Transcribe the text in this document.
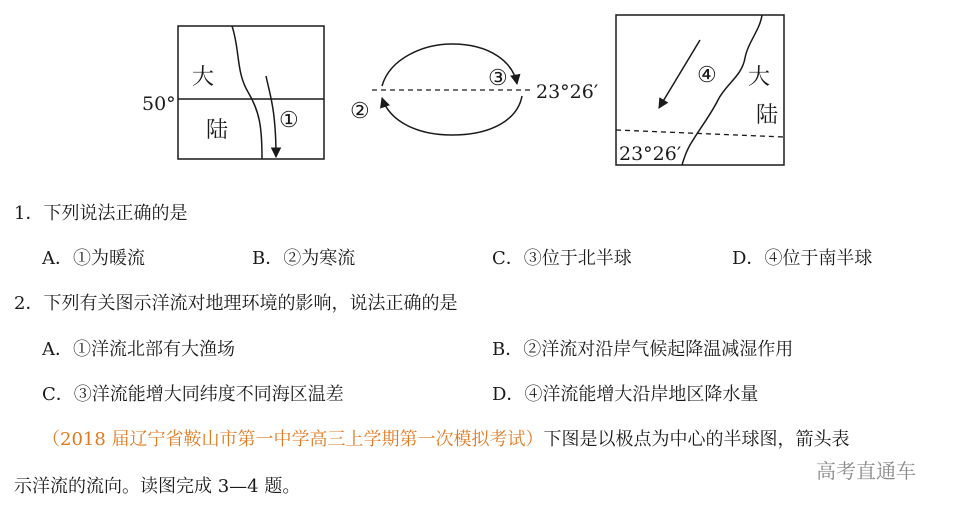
大
陆
50°
① ②
③
23°26′
④ 大
陆
23°26′
1．下列说法正确的是
A．①为暖流	B．②为寒流	C．③位于北半球	D．④位于南半球
2．下列有关图示洋流对地理环境的影响，说法正确的是
A．①洋流北部有大渔场	B．②洋流对沿岸气候起降温减湿作用
C．③洋流能增大同纬度不同海区温差	D．④洋流能增大沿岸地区降水量
（2018 届辽宁省鞍山市第一中学高三上学期第一次模拟考试）下图是以极点为中心的半球图，箭头表
示洋流的流向。读图完成 3—4 题。
高考直通车
